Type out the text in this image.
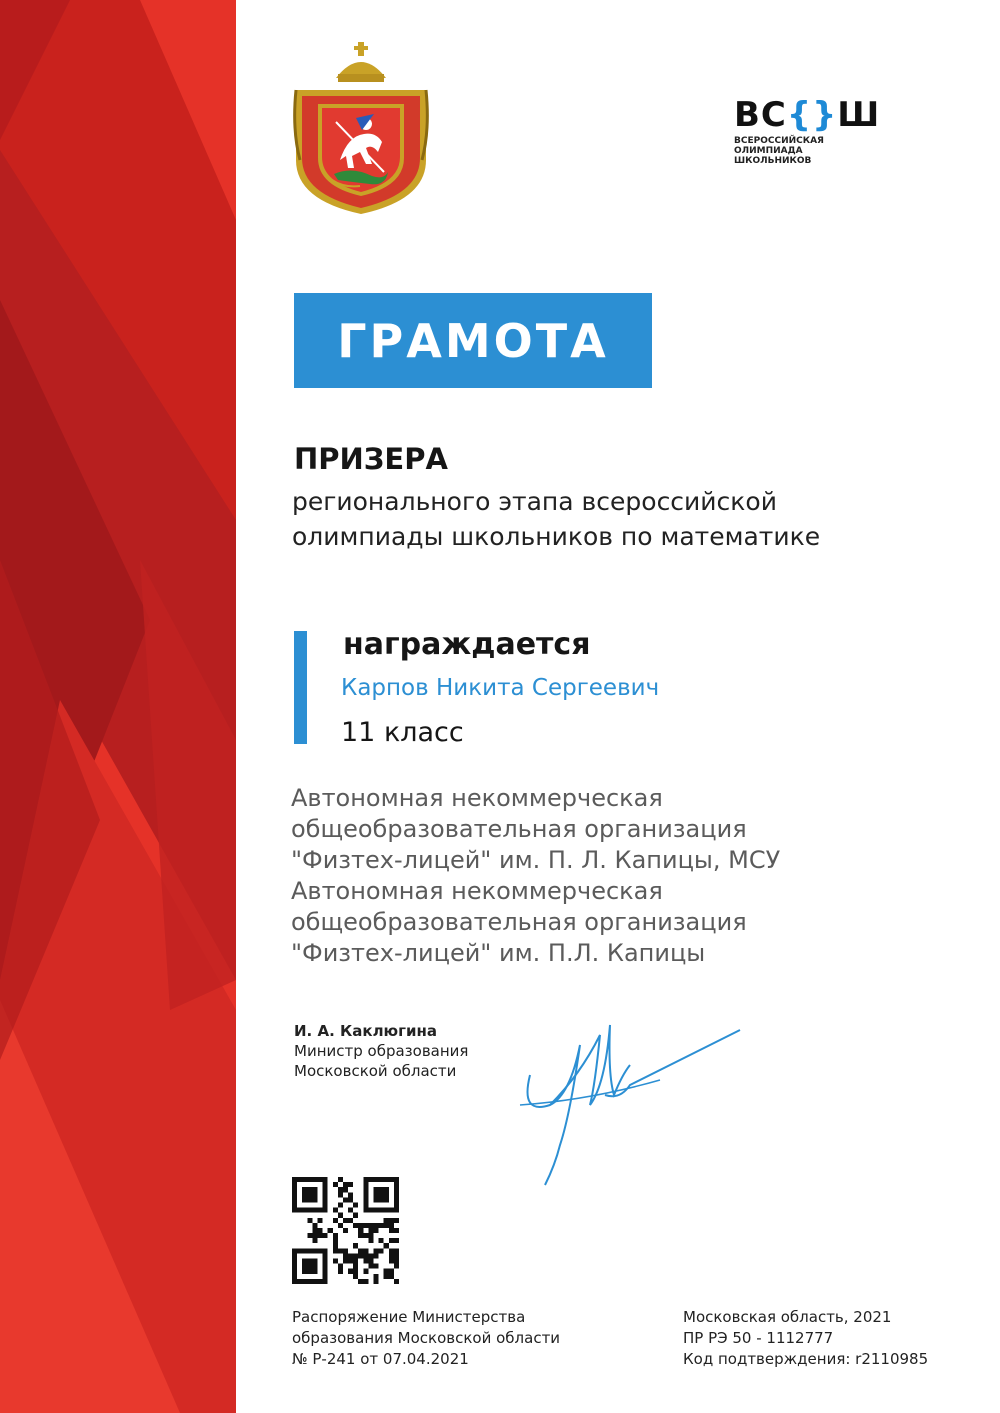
ВС{}Ш
ВСЕРОССИЙСКАЯ
ОЛИМПИАДА
ШКОЛЬНИКОВ
ГРАМОТА
ПРИЗЕРА
регионального этапа всероссийской
олимпиады школьников по математике
награждается
Карпов Никита Сергеевич
11 класс
Автономная некоммерческая
общеобразовательная организация
"Физтех-лицей" им. П. Л. Капицы, МСУ
Автономная некоммерческая
общеобразовательная организация
"Физтех-лицей" им. П.Л. Капицы
И. А. Каклюгина
Министр образования
Московской области
Распоряжение Министерства
образования Московской области
№ Р-241 от 07.04.2021
Московская область, 2021
ПР РЭ 50 - 1112777
Код подтверждения: r2110985
